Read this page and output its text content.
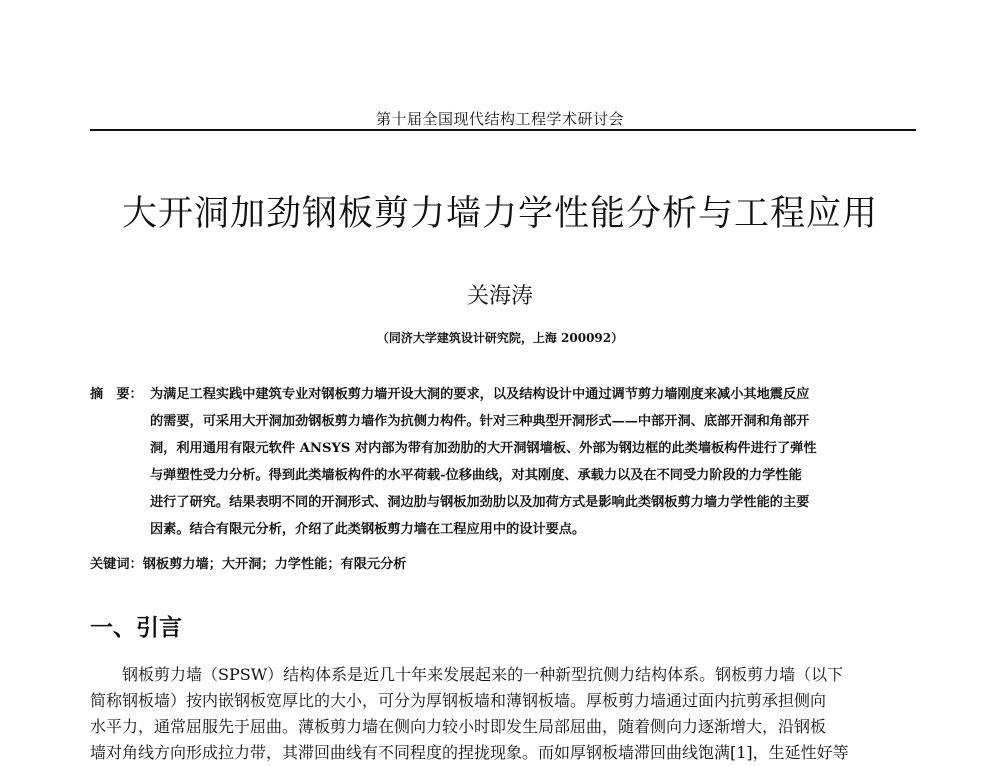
第十届全国现代结构工程学术研讨会
大开洞加劲钢板剪力墙力学性能分析与工程应用
关海涛
（同济大学建筑设计研究院，上海 200092）
摘　要： 为满足工程实践中建筑专业对钢板剪力墙开设大洞的要求，以及结构设计中通过调节剪力墙刚度来减小其地震反应
的需要，可采用大开洞加劲钢板剪力墙作为抗侧力构件。针对三种典型开洞形式——中部开洞、底部开洞和角部开
洞，利用通用有限元软件 ANSYS 对内部为带有加劲肋的大开洞钢墙板、外部为钢边框的此类墙板构件进行了弹性
与弹塑性受力分析。得到此类墙板构件的水平荷载-位移曲线，对其刚度、承载力以及在不同受力阶段的力学性能
进行了研究。结果表明不同的开洞形式、洞边肋与钢板加劲肋以及加荷方式是影响此类钢板剪力墙力学性能的主要
因素。结合有限元分析，介绍了此类钢板剪力墙在工程应用中的设计要点。
关键词：钢板剪力墙；大开洞；力学性能；有限元分析
一、引言
　　钢板剪力墙（SPSW）结构体系是近几十年来发展起来的一种新型抗侧力结构体系。钢板剪力墙（以下
简称钢板墙）按内嵌钢板宽厚比的大小，可分为厚钢板墙和薄钢板墙。厚板剪力墙通过面内抗剪承担侧向
水平力，通常屈服先于屈曲。薄板剪力墙在侧向力较小时即发生局部屈曲，随着侧向力逐渐增大，沿钢板
墙对角线方向形成拉力带，其滞回曲线有不同程度的捏拢现象。而如厚钢板墙滞回曲线饱满[1]，生延性好等
